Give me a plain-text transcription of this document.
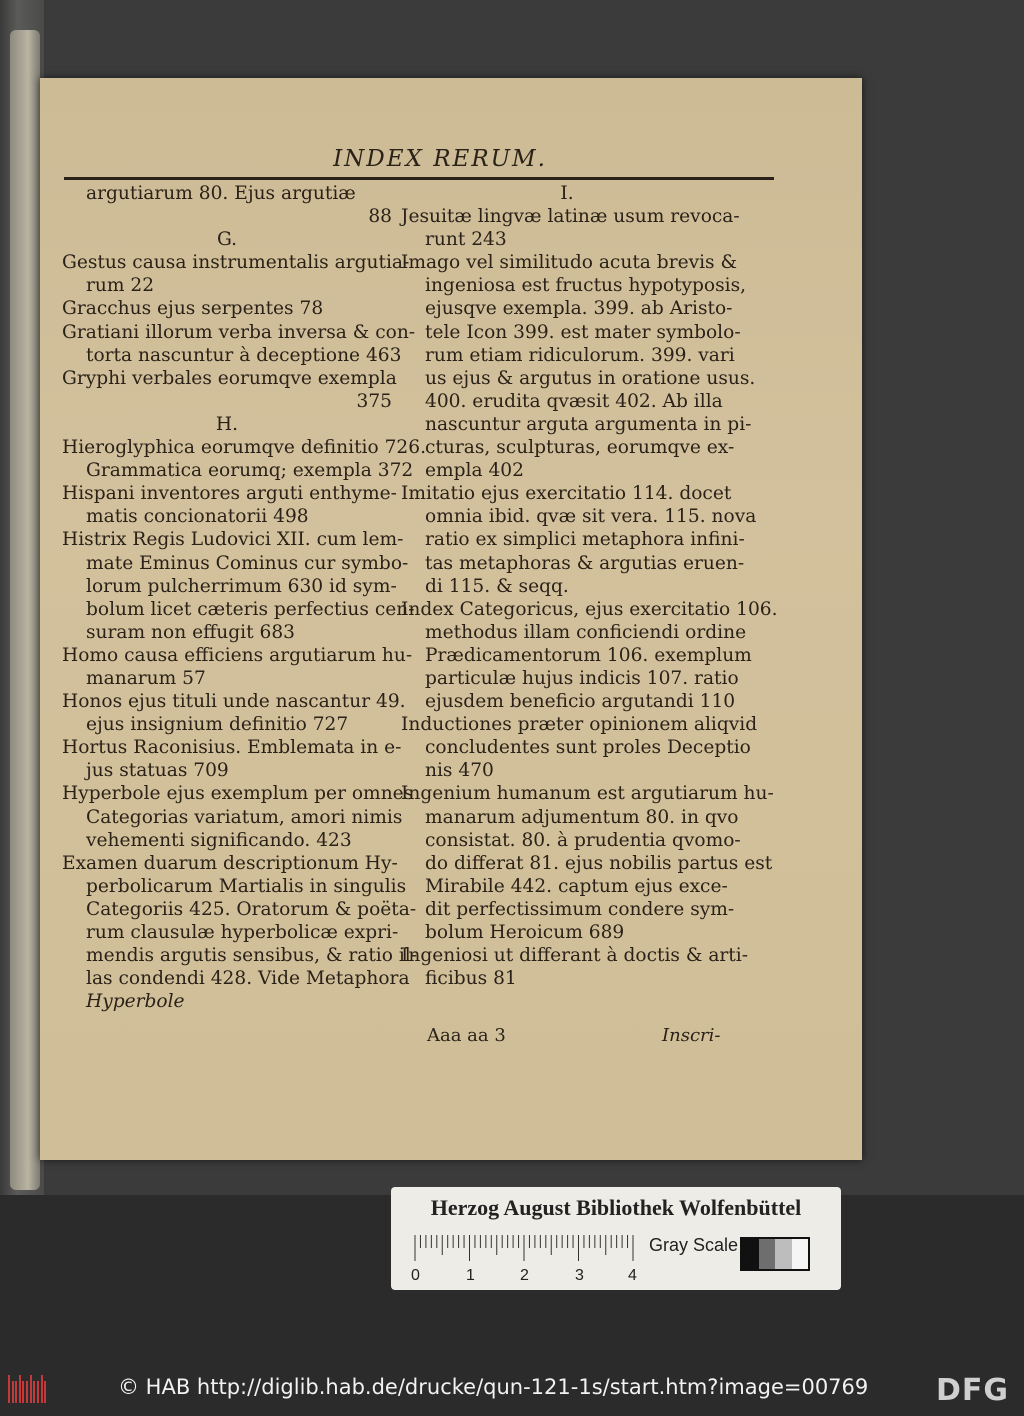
INDEX RERUM.
argutiarum 80. Ejus argutiæ
88
G.
Gestus causa instrumentalis argutia-
rum 22
Gracchus ejus serpentes 78
Gratiani illorum verba inversa & con-
torta nascuntur à deceptione 463
Gryphi verbales eorumqve exempla
375
H.
Hieroglyphica eorumqve definitio 726.
Grammatica eorumq; exempla 372
Hispani inventores arguti enthyme-
matis concionatorii 498
Histrix Regis Ludovici XII. cum lem-
mate Eminus Cominus cur symbo-
lorum pulcherrimum 630 id sym-
bolum licet cæteris perfectius cen-
suram non effugit 683
Homo causa efficiens argutiarum hu-
manarum 57
Honos ejus tituli unde nascantur 49.
ejus insignium definitio 727
Hortus Raconisius. Emblemata in e-
jus statuas 709
Hyperbole ejus exemplum per omnes
Categorias variatum, amori nimis
vehementi significando. 423
Examen duarum descriptionum Hy-
perbolicarum Martialis in singulis
Categoriis 425. Oratorum & poëta-
rum clausulæ hyperbolicæ expri-
mendis argutis sensibus, & ratio il-
las condendi 428. Vide Metaphora
Hyperbole
I.
Jesuitæ lingvæ latinæ usum revoca-
runt 243
Imago vel similitudo acuta brevis &
ingeniosa est fructus hypotyposis,
ejusqve exempla. 399. ab Aristo-
tele Icon 399. est mater symbolo-
rum etiam ridiculorum. 399. vari
us ejus & argutus in oratione usus.
400. erudita qvæsit 402. Ab illa
nascuntur arguta argumenta in pi-
cturas, sculpturas, eorumqve ex-
empla 402
Imitatio ejus exercitatio 114. docet
omnia ibid. qvæ sit vera. 115. nova
ratio ex simplici metaphora infini-
tas metaphoras & argutias eruen-
di 115. & seqq.
Index Categoricus, ejus exercitatio 106.
methodus illam conficiendi ordine
Prædicamentorum 106. exemplum
particulæ hujus indicis 107. ratio
ejusdem beneficio argutandi 110
Inductiones præter opinionem aliqvid
concludentes sunt proles Deceptio
nis 470
Ingenium humanum est argutiarum hu-
manarum adjumentum 80. in qvo
consistat. 80. à prudentia qvomo-
do differat 81. ejus nobilis partus est
Mirabile 442. captum ejus exce-
dit perfectissimum condere sym-
bolum Heroicum 689
Ingeniosi ut differant à doctis & arti-
ficibus 81
Aaa aa 3	Inscri-
Herzog August Bibliothek Wolfenbüttel
0	1	2	3	4
Gray Scale
© HAB http://diglib.hab.de/drucke/qun-121-1s/start.htm?image=00769 DFG
